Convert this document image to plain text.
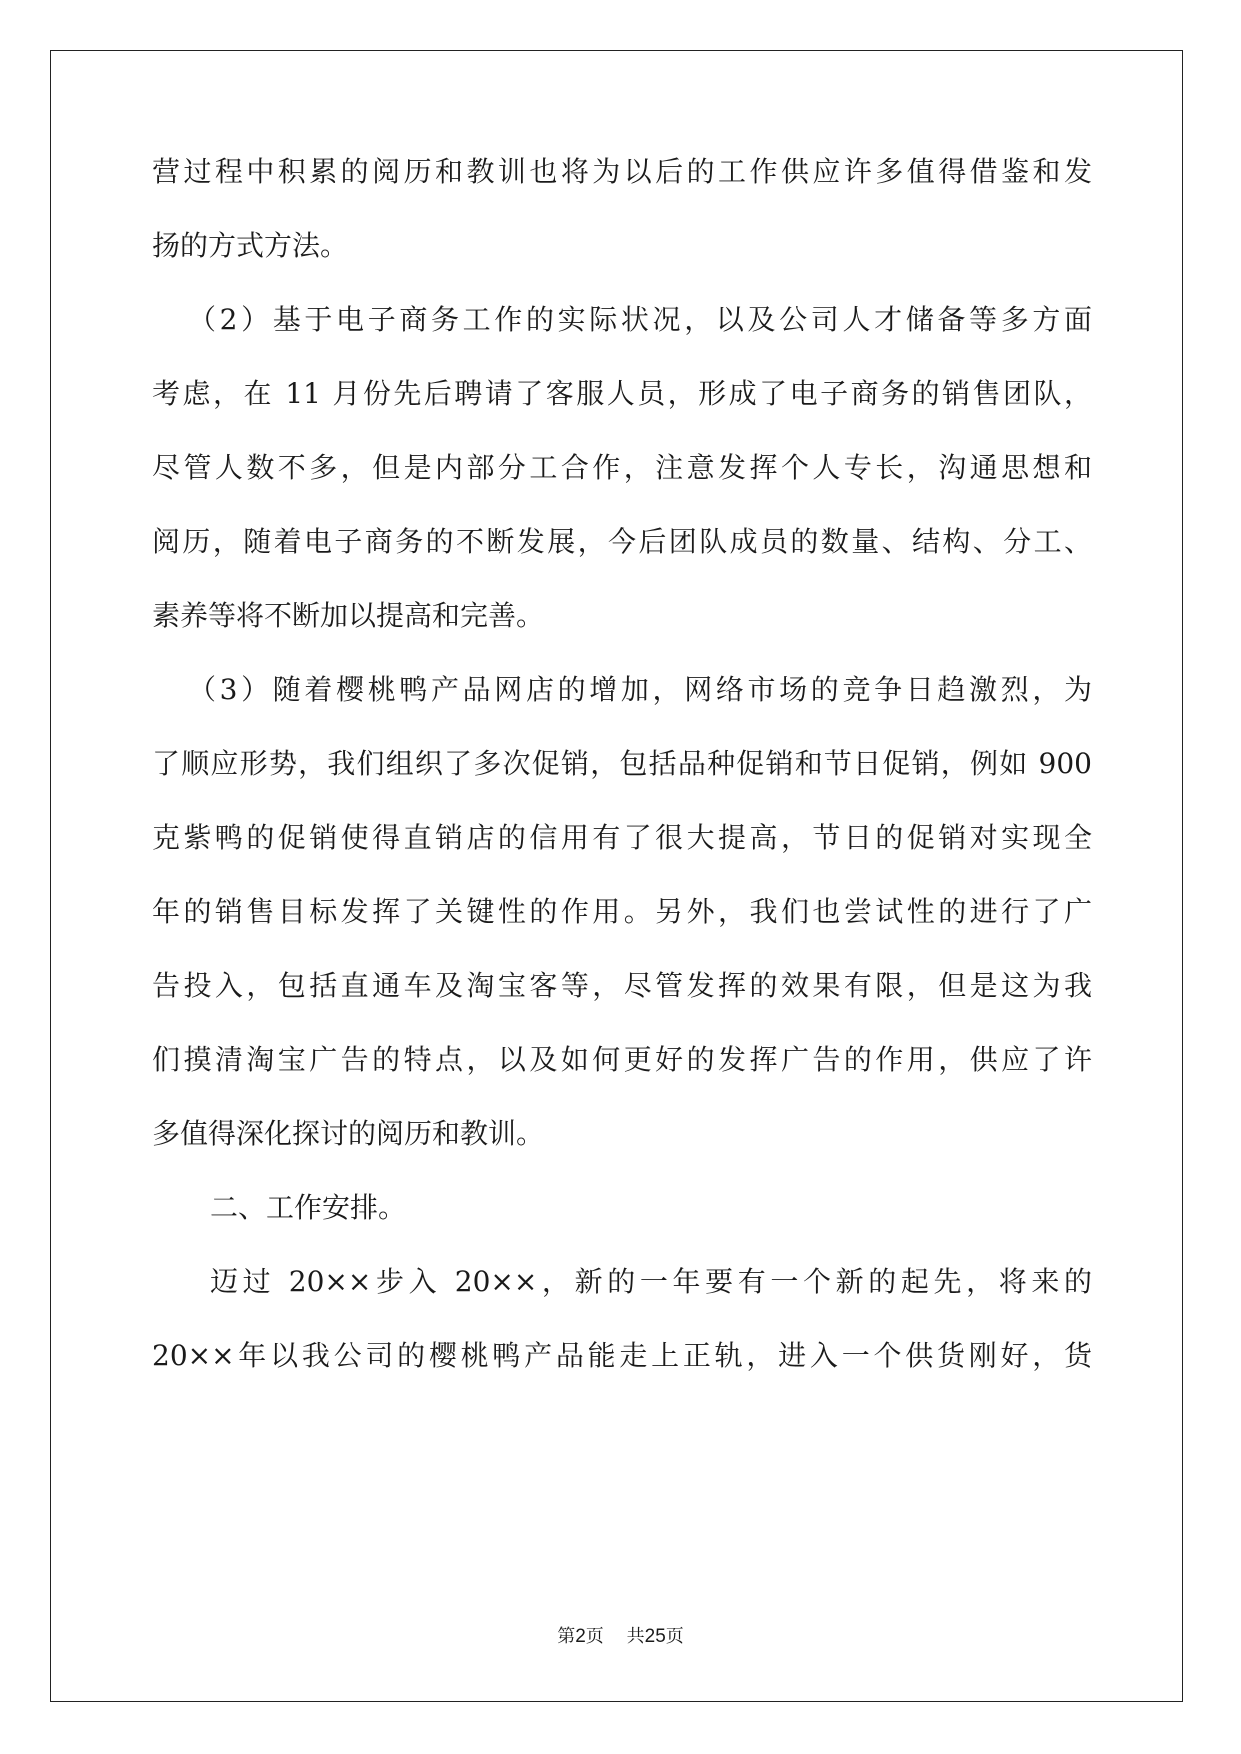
营过程中积累的阅历和教训也将为以后的工作供应许多值得借鉴和发
扬的方式方法。
（2）基于电子商务工作的实际状况，以及公司人才储备等多方面
考虑，在 11 月份先后聘请了客服人员，形成了电子商务的销售团队，
尽管人数不多，但是内部分工合作，注意发挥个人专长，沟通思想和
阅历，随着电子商务的不断发展，今后团队成员的数量、结构、分工、
素养等将不断加以提高和完善。
（3）随着樱桃鸭产品网店的增加，网络市场的竞争日趋激烈，为
了顺应形势，我们组织了多次促销，包括品种促销和节日促销，例如 900
克紫鸭的促销使得直销店的信用有了很大提高，节日的促销对实现全
年的销售目标发挥了关键性的作用。另外，我们也尝试性的进行了广
告投入，包括直通车及淘宝客等，尽管发挥的效果有限，但是这为我
们摸清淘宝广告的特点，以及如何更好的发挥广告的作用，供应了许
多值得深化探讨的阅历和教训。
二、工作安排。
迈过 20××步入 20××，新的一年要有一个新的起先，将来的
20××年以我公司的樱桃鸭产品能走上正轨，进入一个供货刚好，货
第2页    共25页
